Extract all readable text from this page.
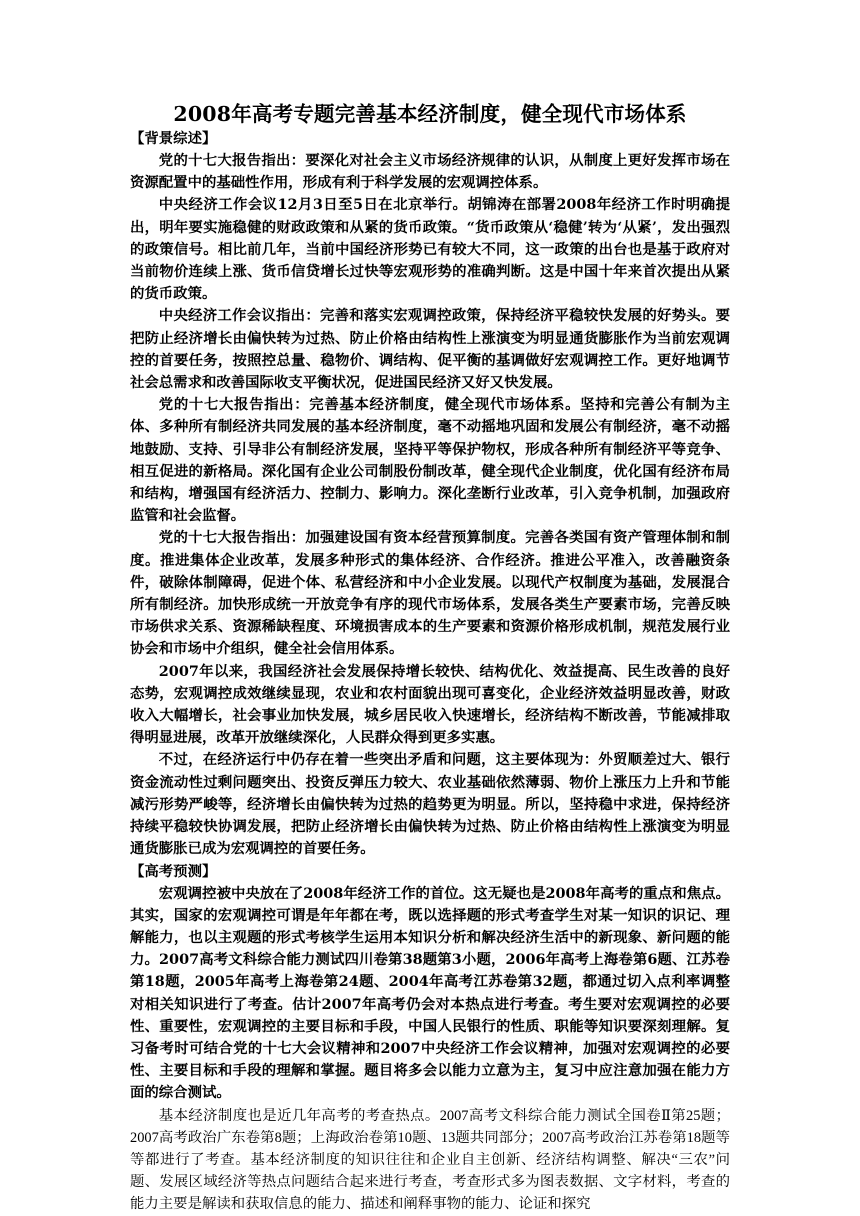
2008年高考专题完善基本经济制度，健全现代市场体系
【背景综述】

党的十七大报告指出：要深化对社会主义市场经济规律的认识，从制度上更好发挥市场在资源配置中的基础性作用，形成有利于科学发展的宏观调控体系。

中央经济工作会议12月3日至5日在北京举行。胡锦涛在部署2008年经济工作时明确提出，明年要实施稳健的财政政策和从紧的货币政策。“货币政策从‘稳健’转为‘从紧’，发出强烈的政策信号。相比前几年，当前中国经济形势已有较大不同，这一政策的出台也是基于政府对当前物价连续上涨、货币信贷增长过快等宏观形势的准确判断。这是中国十年来首次提出从紧的货币政策。

中央经济工作会议指出：完善和落实宏观调控政策，保持经济平稳较快发展的好势头。要把防止经济增长由偏快转为过热、防止价格由结构性上涨演变为明显通货膨胀作为当前宏观调控的首要任务，按照控总量、稳物价、调结构、促平衡的基调做好宏观调控工作。更好地调节社会总需求和改善国际收支平衡状况，促进国民经济又好又快发展。

党的十七大报告指出：完善基本经济制度，健全现代市场体系。坚持和完善公有制为主体、多种所有制经济共同发展的基本经济制度，毫不动摇地巩固和发展公有制经济，毫不动摇地鼓励、支持、引导非公有制经济发展，坚持平等保护物权，形成各种所有制经济平等竞争、相互促进的新格局。深化国有企业公司制股份制改革，健全现代企业制度，优化国有经济布局和结构，增强国有经济活力、控制力、影响力。深化垄断行业改革，引入竞争机制，加强政府监管和社会监督。

党的十七大报告指出：加强建设国有资本经营预算制度。完善各类国有资产管理体制和制度。推进集体企业改革，发展多种形式的集体经济、合作经济。推进公平准入，改善融资条件，破除体制障碍，促进个体、私营经济和中小企业发展。以现代产权制度为基础，发展混合所有制经济。加快形成统一开放竞争有序的现代市场体系，发展各类生产要素市场，完善反映市场供求关系、资源稀缺程度、环境损害成本的生产要素和资源价格形成机制，规范发展行业协会和市场中介组织，健全社会信用体系。

2007年以来，我国经济社会发展保持增长较快、结构优化、效益提高、民生改善的良好态势，宏观调控成效继续显现，农业和农村面貌出现可喜变化，企业经济效益明显改善，财政收入大幅增长，社会事业加快发展，城乡居民收入快速增长，经济结构不断改善，节能减排取得明显进展，改革开放继续深化，人民群众得到更多实惠。

不过，在经济运行中仍存在着一些突出矛盾和问题，这主要体现为：外贸顺差过大、银行资金流动性过剩问题突出、投资反弹压力较大、农业基础依然薄弱、物价上涨压力上升和节能减污形势严峻等，经济增长由偏快转为过热的趋势更为明显。所以，坚持稳中求进，保持经济持续平稳较快协调发展，把防止经济增长由偏快转为过热、防止价格由结构性上涨演变为明显通货膨胀已成为宏观调控的首要任务。

【高考预测】

宏观调控被中央放在了2008年经济工作的首位。这无疑也是2008年高考的重点和焦点。其实，国家的宏观调控可谓是年年都在考，既以选择题的形式考查学生对某一知识的识记、理解能力，也以主观题的形式考核学生运用本知识分析和解决经济生活中的新现象、新问题的能力。2007高考文科综合能力测试四川卷第38题第3小题，2006年高考上海卷第6题、江苏卷第18题，2005年高考上海卷第24题、2004年高考江苏卷第32题，都通过切入点利率调整对相关知识进行了考查。估计2007年高考仍会对本热点进行考查。考生要对宏观调控的必要性、重要性，宏观调控的主要目标和手段，中国人民银行的性质、职能等知识要深刻理解。复习备考时可结合党的十七大会议精神和2007中央经济工作会议精神，加强对宏观调控的必要性、主要目标和手段的理解和掌握。题目将多会以能力立意为主，复习中应注意加强在能力方面的综合测试。

基本经济制度也是近几年高考的考查热点。2007高考文科综合能力测试全国卷Ⅱ第25题；2007高考政治广东卷第8题；上海政治卷第10题、13题共同部分；2007高考政治江苏卷第18题等等都进行了考查。基本经济制度的知识往往和企业自主创新、经济结构调整、解决“三农”问题、发展区域经济等热点问题结合起来进行考查，考查形式多为图表数据、文字材料，考查的能力主要是解读和获取信息的能力、描述和阐释事物的能力、论证和探究
